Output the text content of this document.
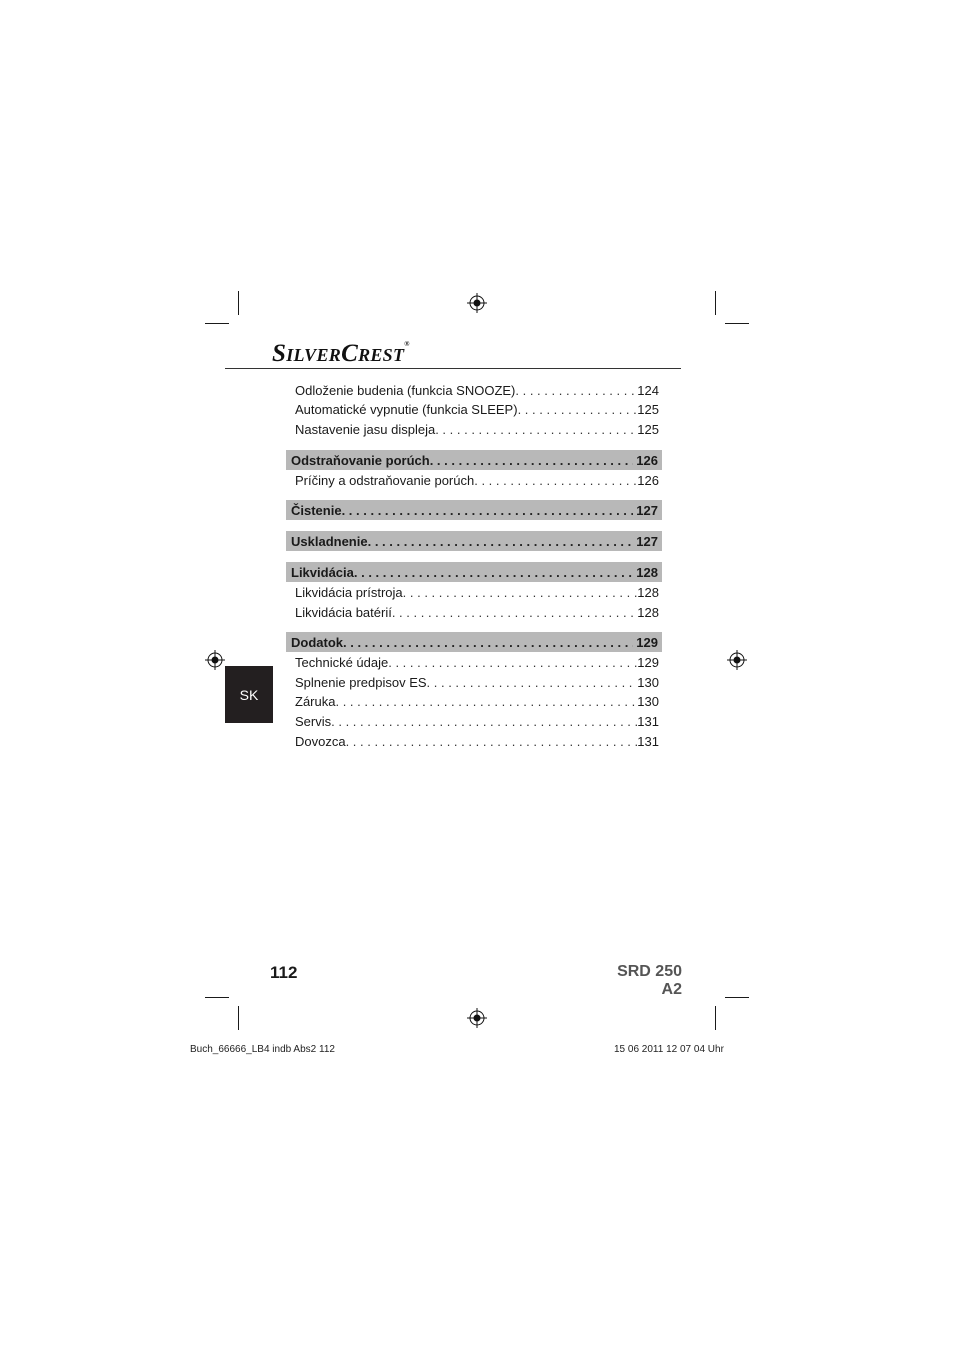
SILVERCREST®
Odloženie budenia (funkcia SNOOZE) . . .	124
Automatické vypnutie (funkcia SLEEP) . . .	125
Nastavenie jasu displeja . . .	125
Odstraňovanie porúch . . .	126
Príčiny a odstraňovanie porúch . . .	126
Čistenie . . .	127
Uskladnenie . . .	127
Likvidácia . . .	128
Likvidácia prístroja . . .	128
Likvidácia batérií . . .	128
Dodatok . . .	129
Technické údaje . . .	129
Splnenie predpisov ES . . .	130
Záruka . . .	130
Servis . . .	131
Dovozca . . .	131
SK
112	SRD 250 A2
Buch_66666_LB4 indb Abs2 112	15 06 2011 12 07 04 Uhr
